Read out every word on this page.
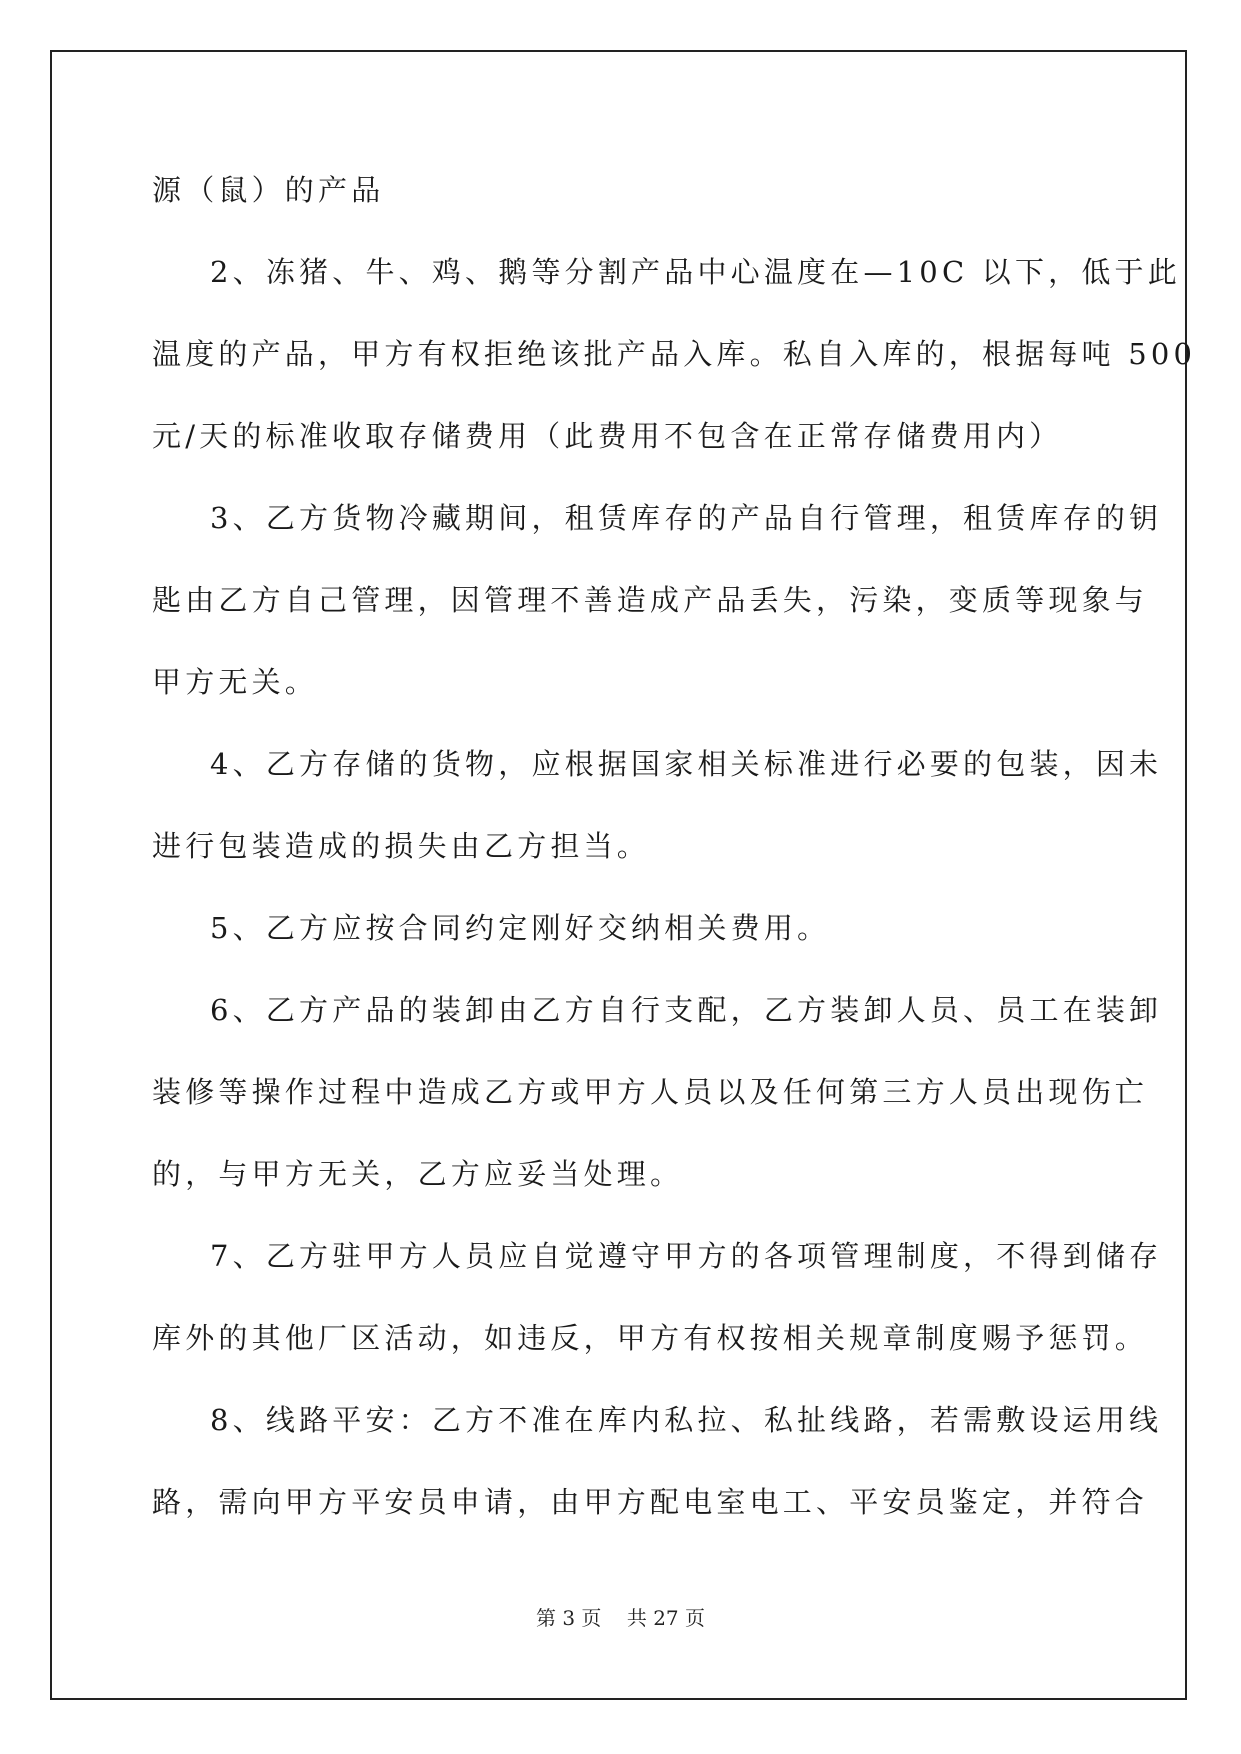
源（鼠）的产品
2、冻猪、牛、鸡、鹅等分割产品中心温度在—10C 以下，低于此
温度的产品，甲方有权拒绝该批产品入库。私自入库的，根据每吨 500
元/天的标准收取存储费用（此费用不包含在正常存储费用内）
3、乙方货物冷藏期间，租赁库存的产品自行管理，租赁库存的钥
匙由乙方自己管理，因管理不善造成产品丢失，污染，变质等现象与
甲方无关。
4、乙方存储的货物，应根据国家相关标准进行必要的包装，因未
进行包装造成的损失由乙方担当。
5、乙方应按合同约定刚好交纳相关费用。
6、乙方产品的装卸由乙方自行支配，乙方装卸人员、员工在装卸
装修等操作过程中造成乙方或甲方人员以及任何第三方人员出现伤亡
的，与甲方无关，乙方应妥当处理。
7、乙方驻甲方人员应自觉遵守甲方的各项管理制度，不得到储存
库外的其他厂区活动，如违反，甲方有权按相关规章制度赐予惩罚。
8、线路平安：乙方不准在库内私拉、私扯线路，若需敷设运用线
路，需向甲方平安员申请，由甲方配电室电工、平安员鉴定，并符合
第 3 页    共 27 页
